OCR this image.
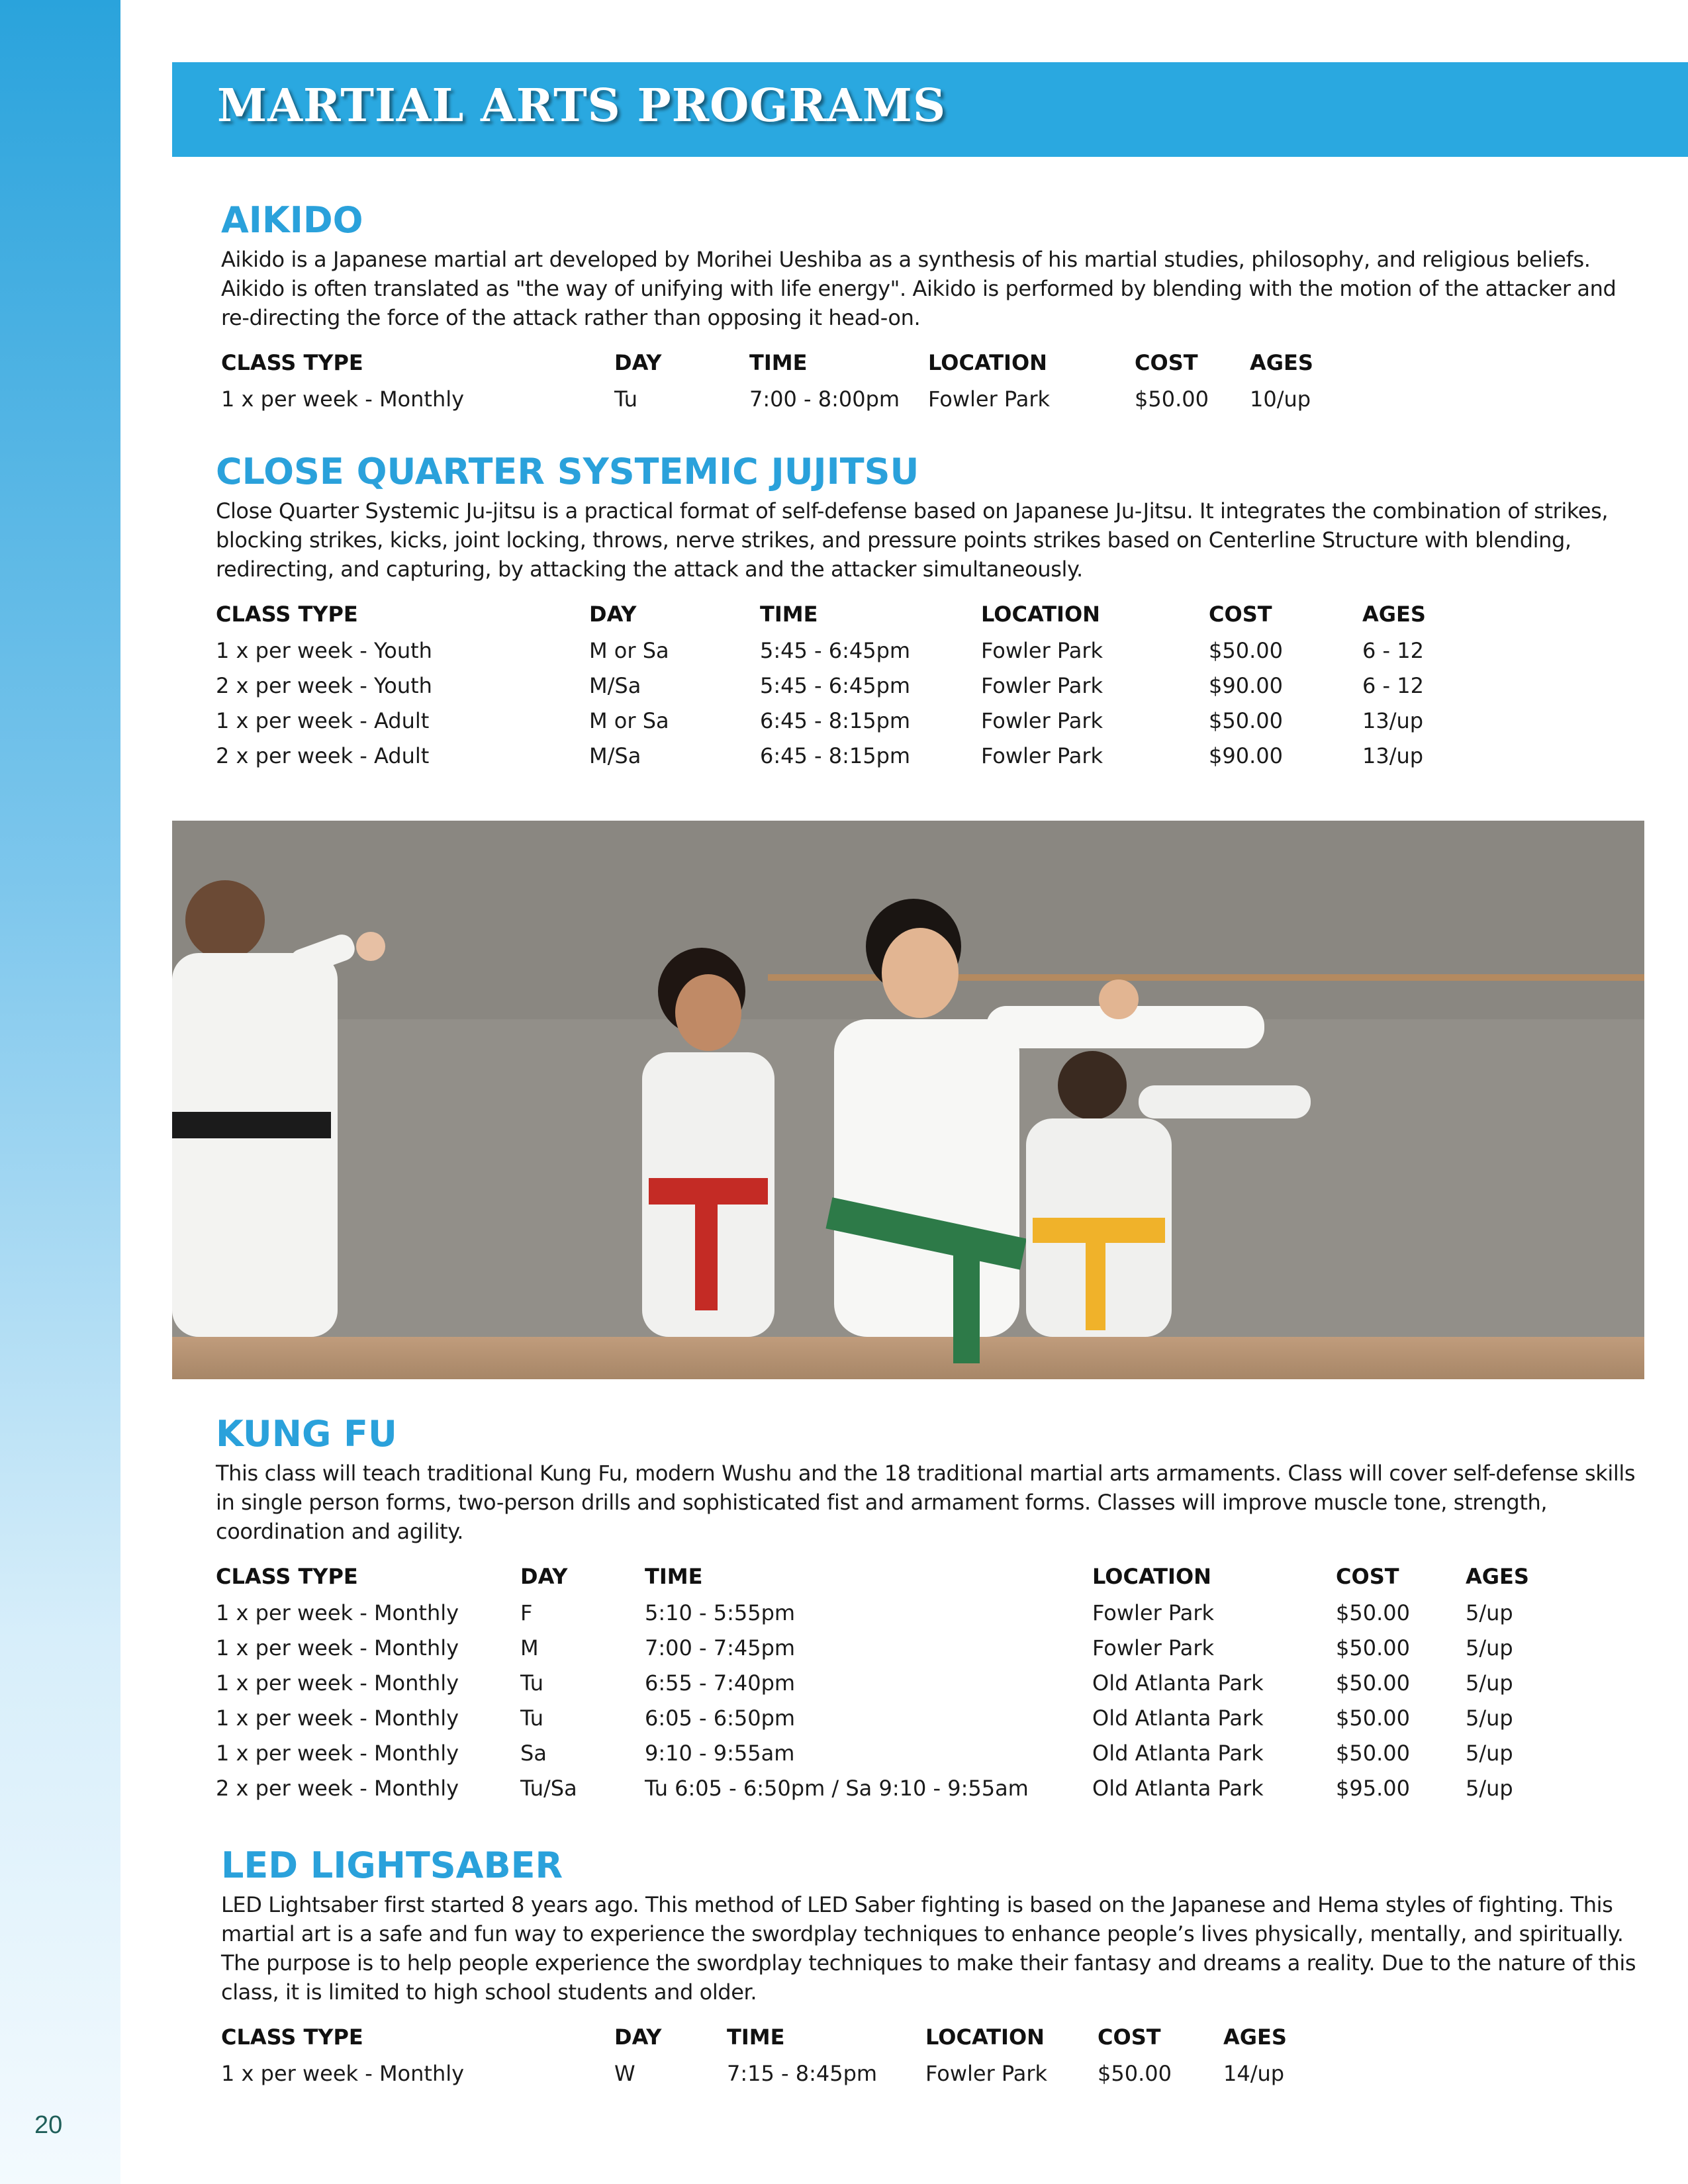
20
MARTIAL ARTS PROGRAMS
AIKIDO

Aikido is a Japanese martial art developed by Morihei Ueshiba as a synthesis of his martial studies, philosophy, and religious beliefs. Aikido is often translated as "the way of unifying with life energy". Aikido is performed by blending with the motion of the attacker and re-directing the force of the attack rather than opposing it head-on.

CLASS TYPE	DAY	TIME	LOCATION	COST	AGES
1 x per week - Monthly	Tu	7:00 - 8:00pm	Fowler Park	$50.00	10/up
CLOSE QUARTER SYSTEMIC JUJITSU

Close Quarter Systemic Ju-jitsu is a practical format of self-defense based on Japanese Ju-Jitsu. It integrates the combination of strikes, blocking strikes, kicks, joint locking, throws, nerve strikes, and pressure points strikes based on Centerline Structure with blending, redirecting, and capturing, by attacking the attack and the attacker simultaneously.

CLASS TYPE	DAY	TIME	LOCATION	COST	AGES
1 x per week - Youth	M or Sa	5:45 - 6:45pm	Fowler Park	$50.00	6 - 12
2 x per week - Youth	M/Sa	5:45 - 6:45pm	Fowler Park	$90.00	6 - 12
1 x per week - Adult	M or Sa	6:45 - 8:15pm	Fowler Park	$50.00	13/up
2 x per week - Adult	M/Sa	6:45 - 8:15pm	Fowler Park	$90.00	13/up
KUNG FU

This class will teach traditional Kung Fu, modern Wushu and the 18 traditional martial arts armaments. Class will cover self-defense skills in single person forms, two-person drills and sophisticated fist and armament forms. Classes will improve muscle tone, strength, coordination and agility.

CLASS TYPE	DAY	TIME	LOCATION	COST	AGES
1 x per week - Monthly	F	5:10 - 5:55pm	Fowler Park	$50.00	5/up
1 x per week - Monthly	M	7:00 - 7:45pm	Fowler Park	$50.00	5/up
1 x per week - Monthly	Tu	6:55 - 7:40pm	Old Atlanta Park	$50.00	5/up
1 x per week - Monthly	Tu	6:05 - 6:50pm	Old Atlanta Park	$50.00	5/up
1 x per week - Monthly	Sa	9:10 - 9:55am	Old Atlanta Park	$50.00	5/up
2 x per week - Monthly	Tu/Sa	Tu 6:05 - 6:50pm / Sa 9:10 - 9:55am	Old Atlanta Park	$95.00	5/up
LED LIGHTSABER

LED Lightsaber first started 8 years ago. This method of LED Saber fighting is based on the Japanese and Hema styles of fighting. This martial art is a safe and fun way to experience the swordplay techniques to enhance people’s lives physically, mentally, and spiritually. The purpose is to help people experience the swordplay techniques to make their fantasy and dreams a reality. Due to the nature of this class, it is limited to high school students and older.

CLASS TYPE	DAY	TIME	LOCATION	COST	AGES
1 x per week - Monthly	W	7:15 - 8:45pm	Fowler Park	$50.00	14/up
